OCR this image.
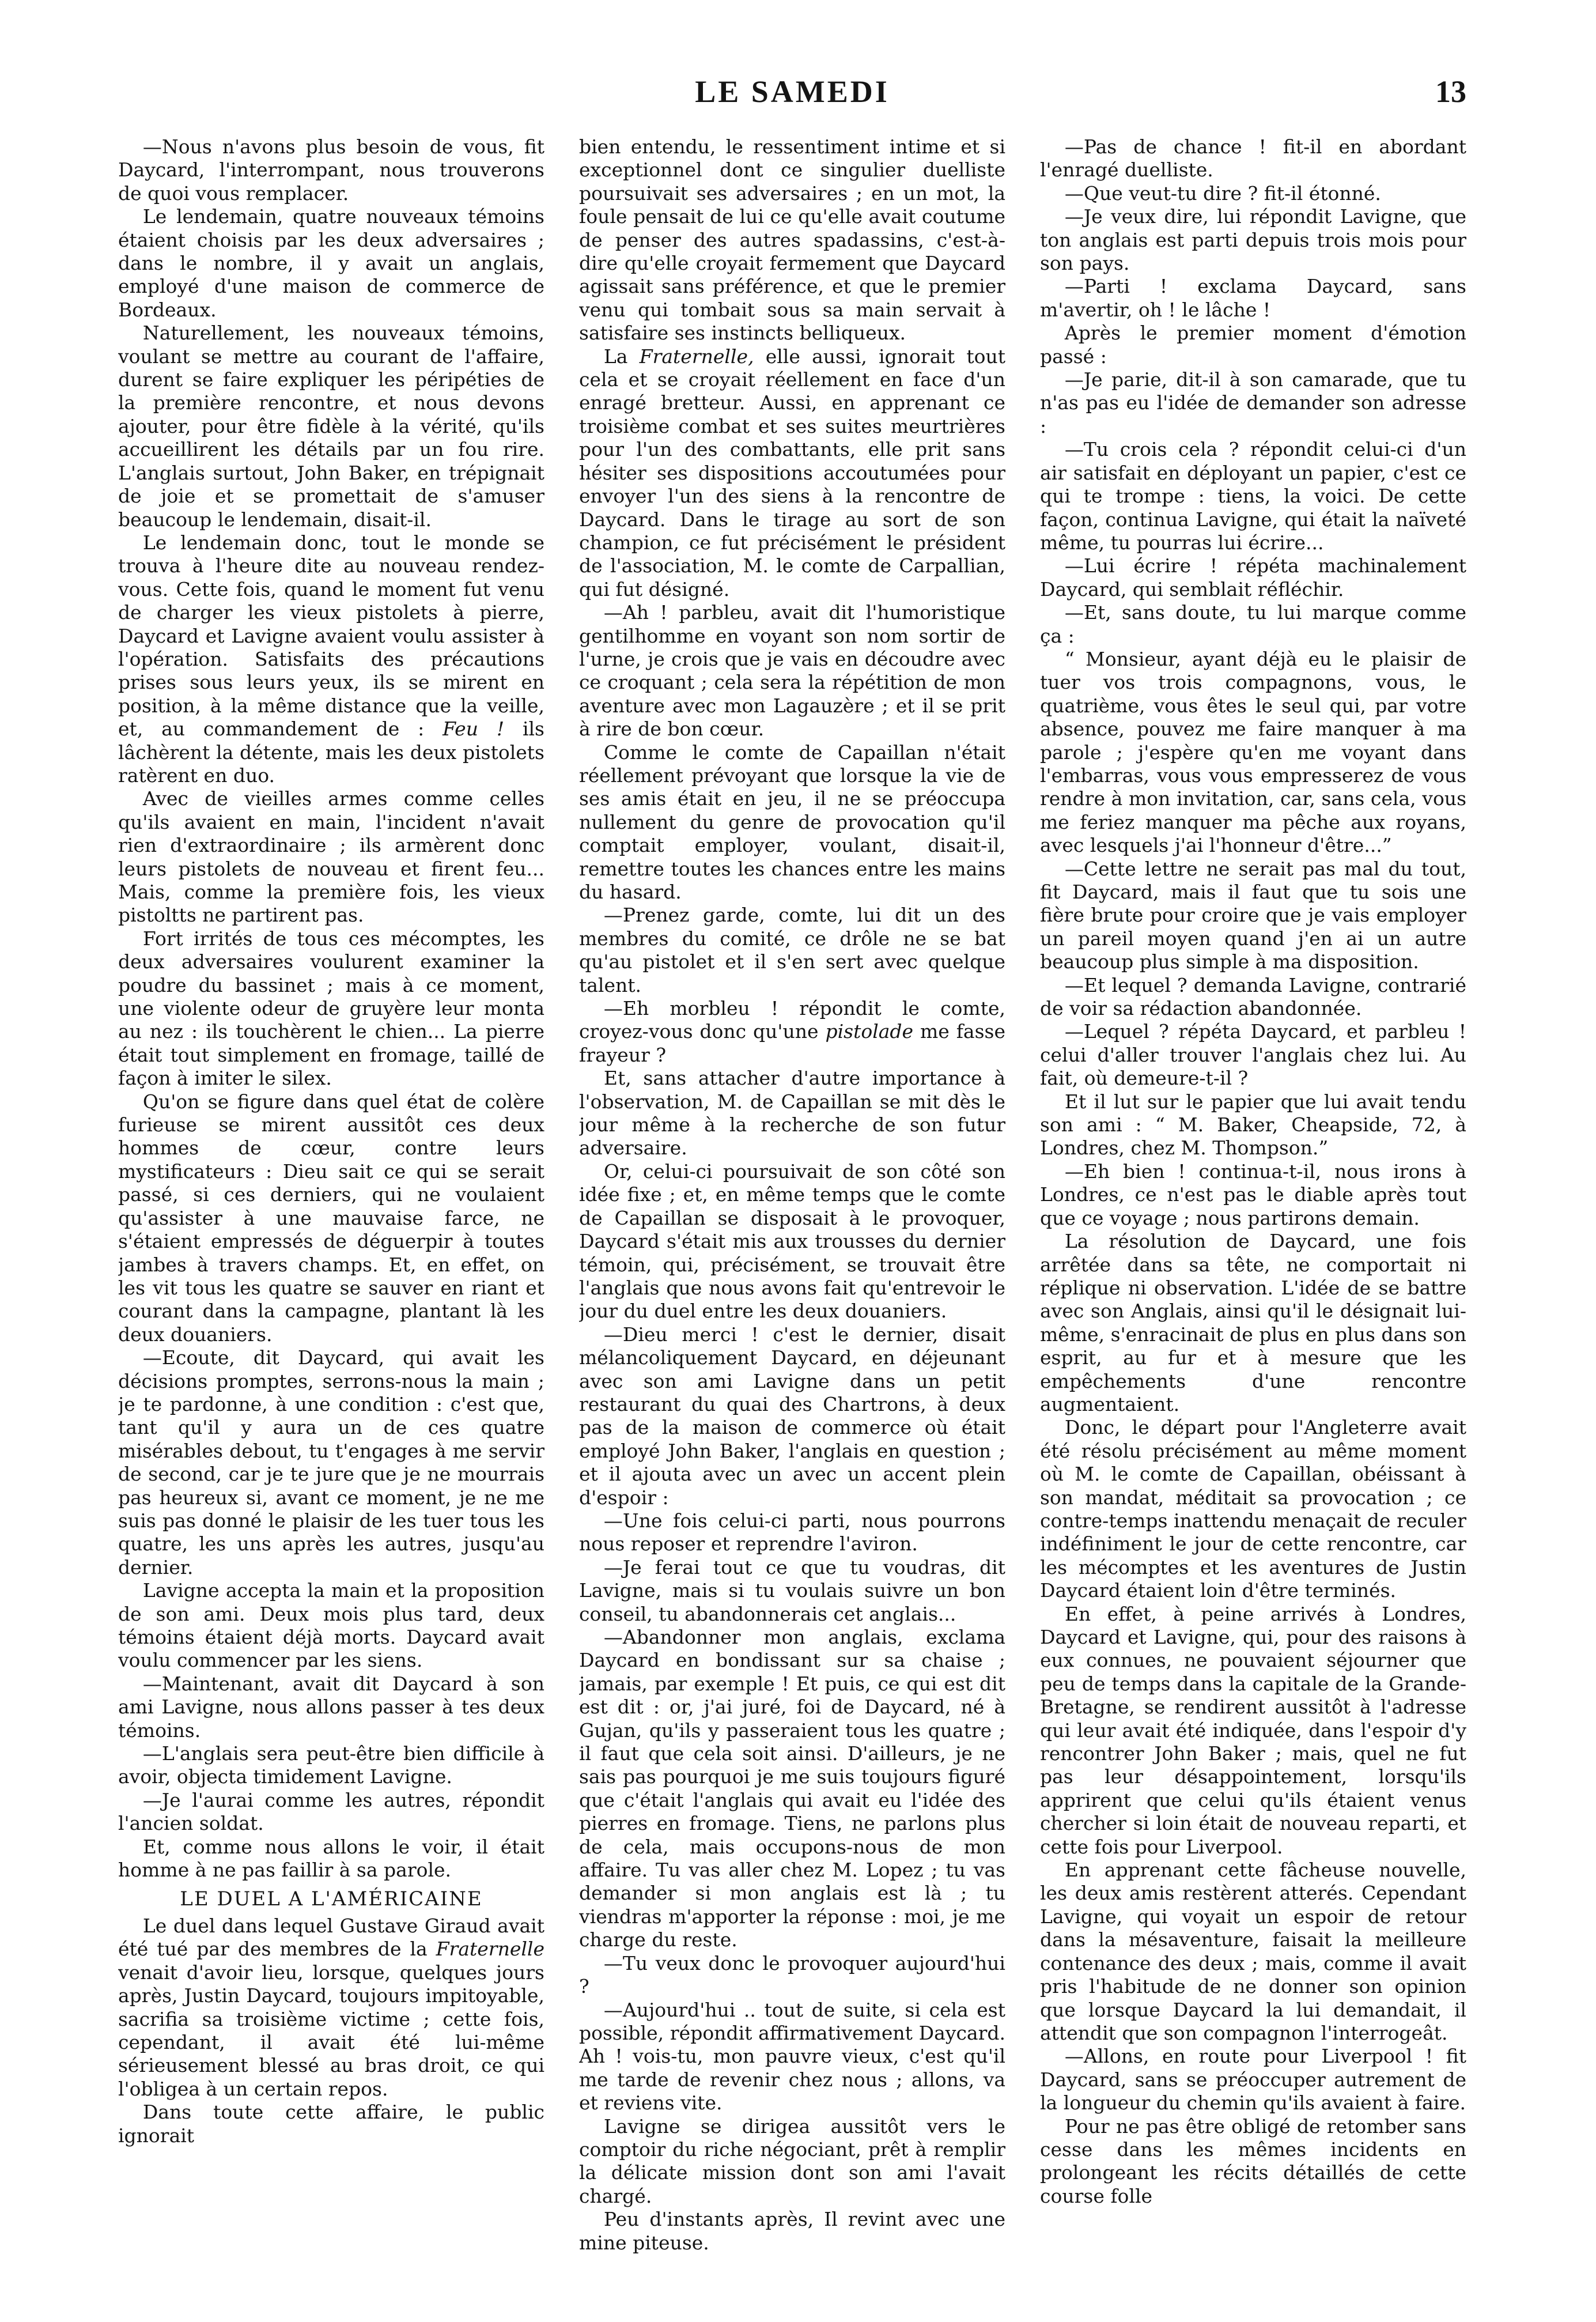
LE SAMEDI	13

—Nous n'avons plus besoin de vous, fit Daycard, l'interrompant, nous trouverons de quoi vous remplacer.

Le lendemain, quatre nouveaux témoins étaient choisis par les deux adversaires ; dans le nombre, il y avait un anglais, employé d'une maison de commerce de Bordeaux.

Naturellement, les nouveaux témoins, voulant se mettre au courant de l'affaire, durent se faire expliquer les péripéties de la première rencontre, et nous devons ajouter, pour être fidèle à la vérité, qu'ils accueillirent les détails par un fou rire. L'anglais surtout, John Baker, en trépignait de joie et se promettait de s'amuser beaucoup le lendemain, disait-il.

Le lendemain donc, tout le monde se trouva à l'heure dite au nouveau rendez-vous. Cette fois, quand le moment fut venu de charger les vieux pistolets à pierre, Daycard et Lavigne avaient voulu assister à l'opération. Satisfaits des précautions prises sous leurs yeux, ils se mirent en position, à la même distance que la veille, et, au commandement de : Feu ! ils lâchèrent la détente, mais les deux pistolets ratèrent en duo.

Avec de vieilles armes comme celles qu'ils avaient en main, l'incident n'avait rien d'extraordinaire ; ils armèrent donc leurs pistolets de nouveau et firent feu... Mais, comme la première fois, les vieux pistoltts ne partirent pas.

Fort irrités de tous ces mécomptes, les deux adversaires voulurent examiner la poudre du bassinet ; mais à ce moment, une violente odeur de gruyère leur monta au nez : ils touchèrent le chien... La pierre était tout simplement en fromage, taillé de façon à imiter le silex.

Qu'on se figure dans quel état de colère furieuse se mirent aussitôt ces deux hommes de cœur, contre leurs mystificateurs : Dieu sait ce qui se serait passé, si ces derniers, qui ne voulaient qu'assister à une mauvaise farce, ne s'étaient empressés de déguerpir à toutes jambes à travers champs. Et, en effet, on les vit tous les quatre se sauver en riant et courant dans la campagne, plantant là les deux douaniers.

—Ecoute, dit Daycard, qui avait les décisions promptes, serrons-nous la main ; je te pardonne, à une condition : c'est que, tant qu'il y aura un de ces quatre misérables debout, tu t'engages à me servir de second, car je te jure que je ne mourrais pas heureux si, avant ce moment, je ne me suis pas donné le plaisir de les tuer tous les quatre, les uns après les autres, jusqu'au dernier.

Lavigne accepta la main et la proposition de son ami. Deux mois plus tard, deux témoins étaient déjà morts. Daycard avait voulu commencer par les siens.

—Maintenant, avait dit Daycard à son ami Lavigne, nous allons passer à tes deux témoins.

—L'anglais sera peut-être bien difficile à avoir, objecta timidement Lavigne.

—Je l'aurai comme les autres, répondit l'ancien soldat.

Et, comme nous allons le voir, il était homme à ne pas faillir à sa parole.

LE DUEL A L'AMÉRICAINE

Le duel dans lequel Gustave Giraud avait été tué par des membres de la Fraternelle venait d'avoir lieu, lorsque, quelques jours après, Justin Daycard, toujours impitoyable, sacrifia sa troisième victime ; cette fois, cependant, il avait été lui-même sérieusement blessé au bras droit, ce qui l'obligea à un certain repos.

Dans toute cette affaire, le public ignorait

bien entendu, le ressentiment intime et si exceptionnel dont ce singulier duelliste poursuivait ses adversaires ; en un mot, la foule pensait de lui ce qu'elle avait coutume de penser des autres spadassins, c'est-à-dire qu'elle croyait fermement que Daycard agissait sans préférence, et que le premier venu qui tombait sous sa main servait à satisfaire ses instincts belliqueux.

La Fraternelle, elle aussi, ignorait tout cela et se croyait réellement en face d'un enragé bretteur. Aussi, en apprenant ce troisième combat et ses suites meurtrières pour l'un des combattants, elle prit sans hésiter ses dispositions accoutumées pour envoyer l'un des siens à la rencontre de Daycard. Dans le tirage au sort de son champion, ce fut précisément le président de l'association, M. le comte de Carpallian, qui fut désigné.

—Ah ! parbleu, avait dit l'humoristique gentilhomme en voyant son nom sortir de l'urne, je crois que je vais en découdre avec ce croquant ; cela sera la répétition de mon aventure avec mon Lagauzère ; et il se prit à rire de bon cœur.

Comme le comte de Capaillan n'était réellement prévoyant que lorsque la vie de ses amis était en jeu, il ne se préoccupa nullement du genre de provocation qu'il comptait employer, voulant, disait-il, remettre toutes les chances entre les mains du hasard.

—Prenez garde, comte, lui dit un des membres du comité, ce drôle ne se bat qu'au pistolet et il s'en sert avec quelque talent.

—Eh morbleu ! répondit le comte, croyez-vous donc qu'une pistolade me fasse frayeur ?

Et, sans attacher d'autre importance à l'observation, M. de Capaillan se mit dès le jour même à la recherche de son futur adversaire.

Or, celui-ci poursuivait de son côté son idée fixe ; et, en même temps que le comte de Capaillan se disposait à le provoquer, Daycard s'était mis aux trousses du dernier témoin, qui, précisément, se trouvait être l'anglais que nous avons fait qu'entrevoir le jour du duel entre les deux douaniers.

—Dieu merci ! c'est le dernier, disait mélancoliquement Daycard, en déjeunant avec son ami Lavigne dans un petit restaurant du quai des Chartrons, à deux pas de la maison de commerce où était employé John Baker, l'anglais en question ; et il ajouta avec un avec un accent plein d'espoir :

—Une fois celui-ci parti, nous pourrons nous reposer et reprendre l'aviron.

—Je ferai tout ce que tu voudras, dit Lavigne, mais si tu voulais suivre un bon conseil, tu abandonnerais cet anglais...

—Abandonner mon anglais, exclama Daycard en bondissant sur sa chaise ; jamais, par exemple ! Et puis, ce qui est dit est dit : or, j'ai juré, foi de Daycard, né à Gujan, qu'ils y passeraient tous les quatre ; il faut que cela soit ainsi. D'ailleurs, je ne sais pas pourquoi je me suis toujours figuré que c'était l'anglais qui avait eu l'idée des pierres en fromage. Tiens, ne parlons plus de cela, mais occupons-nous de mon affaire. Tu vas aller chez M. Lopez ; tu vas demander si mon anglais est là ; tu viendras m'apporter la réponse : moi, je me charge du reste.

—Tu veux donc le provoquer aujourd'hui ?

—Aujourd'hui .. tout de suite, si cela est possible, répondit affirmativement Daycard. Ah ! vois-tu, mon pauvre vieux, c'est qu'il me tarde de revenir chez nous ; allons, va et reviens vite.

Lavigne se dirigea aussitôt vers le comptoir du riche négociant, prêt à remplir la délicate mission dont son ami l'avait chargé.

Peu d'instants après, Il revint avec une mine piteuse.

—Pas de chance ! fit-il en abordant l'enragé duelliste.

—Que veut-tu dire ? fit-il étonné.

—Je veux dire, lui répondit Lavigne, que ton anglais est parti depuis trois mois pour son pays.

—Parti ! exclama Daycard, sans m'avertir, oh ! le lâche !

Après le premier moment d'émotion passé :

—Je parie, dit-il à son camarade, que tu n'as pas eu l'idée de demander son adresse :

—Tu crois cela ? répondit celui-ci d'un air satisfait en déployant un papier, c'est ce qui te trompe : tiens, la voici. De cette façon, continua Lavigne, qui était la naïveté même, tu pourras lui écrire...

—Lui écrire ! répéta machinalement Daycard, qui semblait réfléchir.

—Et, sans doute, tu lui marque comme ça :

“ Monsieur, ayant déjà eu le plaisir de tuer vos trois compagnons, vous, le quatrième, vous êtes le seul qui, par votre absence, pouvez me faire manquer à ma parole ; j'espère qu'en me voyant dans l'embarras, vous vous empresserez de vous rendre à mon invitation, car, sans cela, vous me feriez manquer ma pêche aux royans, avec lesquels j'ai l'honneur d'être...”

—Cette lettre ne serait pas mal du tout, fit Daycard, mais il faut que tu sois une fière brute pour croire que je vais employer un pareil moyen quand j'en ai un autre beaucoup plus simple à ma disposition.

—Et lequel ? demanda Lavigne, contrarié de voir sa rédaction abandonnée.

—Lequel ? répéta Daycard, et parbleu ! celui d'aller trouver l'anglais chez lui. Au fait, où demeure-t-il ?

Et il lut sur le papier que lui avait tendu son ami : “ M. Baker, Cheapside, 72, à Londres, chez M. Thompson.”

—Eh bien ! continua-t-il, nous irons à Londres, ce n'est pas le diable après tout que ce voyage ; nous partirons demain.

La résolution de Daycard, une fois arrêtée dans sa tête, ne comportait ni réplique ni observation. L'idée de se battre avec son Anglais, ainsi qu'il le désignait lui-même, s'enracinait de plus en plus dans son esprit, au fur et à mesure que les empêchements d'une rencontre augmentaient.

Donc, le départ pour l'Angleterre avait été résolu précisément au même moment où M. le comte de Capaillan, obéissant à son mandat, méditait sa provocation ; ce contre-temps inattendu menaçait de reculer indéfiniment le jour de cette rencontre, car les mécomptes et les aventures de Justin Daycard étaient loin d'être terminés.

En effet, à peine arrivés à Londres, Daycard et Lavigne, qui, pour des raisons à eux connues, ne pouvaient séjourner que peu de temps dans la capitale de la Grande-Bretagne, se rendirent aussitôt à l'adresse qui leur avait été indiquée, dans l'espoir d'y rencontrer John Baker ; mais, quel ne fut pas leur désappointement, lorsqu'ils apprirent que celui qu'ils étaient venus chercher si loin était de nouveau reparti, et cette fois pour Liverpool.

En apprenant cette fâcheuse nouvelle, les deux amis restèrent atterés. Cependant Lavigne, qui voyait un espoir de retour dans la mésaventure, faisait la meilleure contenance des deux ; mais, comme il avait pris l'habitude de ne donner son opinion que lorsque Daycard la lui demandait, il attendit que son compagnon l'interrogeât.

—Allons, en route pour Liverpool ! fit Daycard, sans se préoccuper autrement de la longueur du chemin qu'ils avaient à faire.

Pour ne pas être obligé de retomber sans cesse dans les mêmes incidents en prolongeant les récits détaillés de cette course folle
